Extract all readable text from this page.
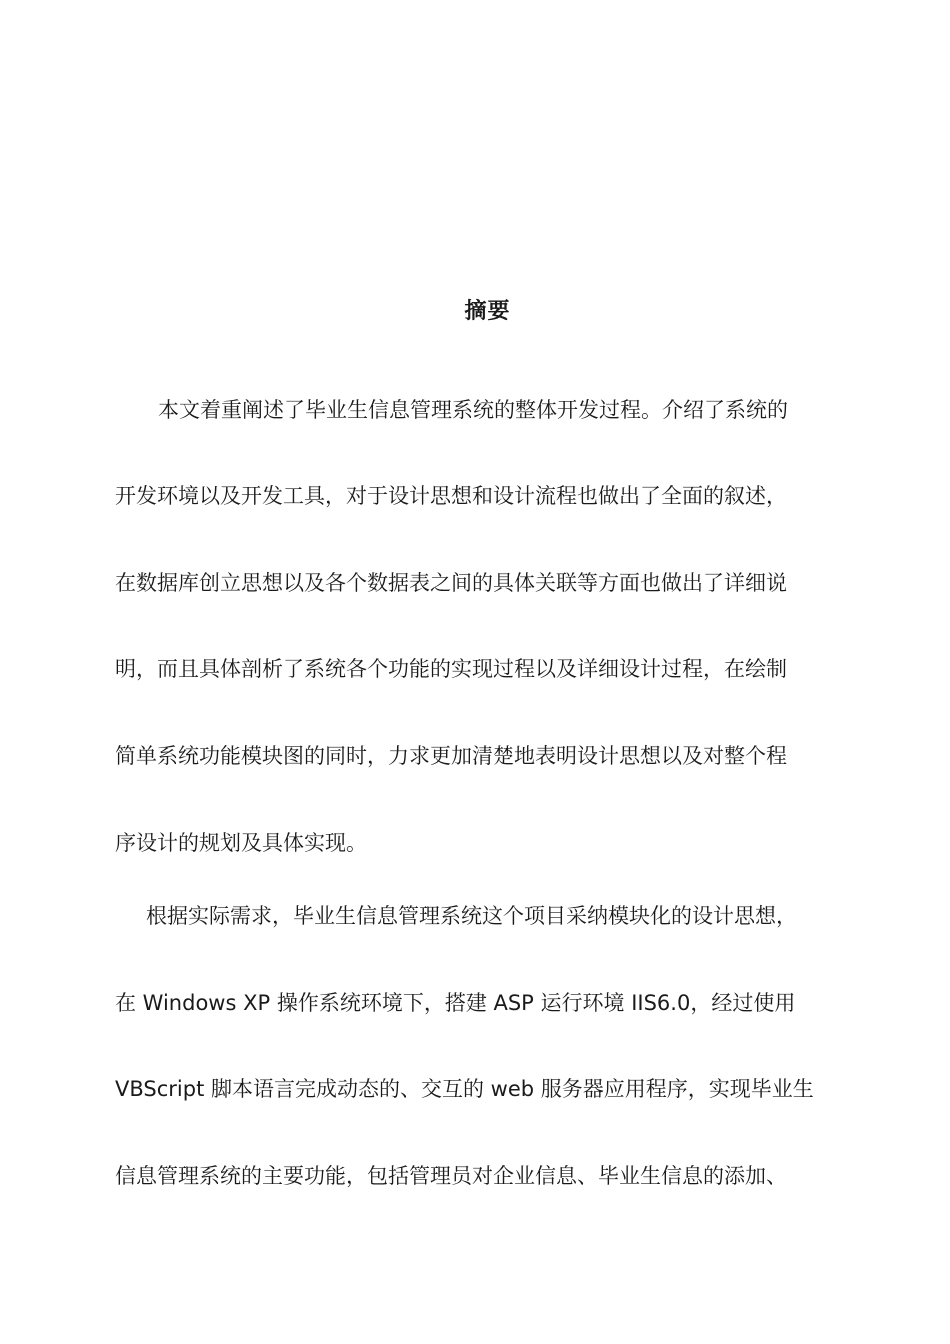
摘要

本文着重阐述了毕业生信息管理系统的整体开发过程。介绍了系统的

开发环境以及开发工具，对于设计思想和设计流程也做出了全面的叙述，

在数据库创立思想以及各个数据表之间的具体关联等方面也做出了详细说

明，而且具体剖析了系统各个功能的实现过程以及详细设计过程，在绘制

简单系统功能模块图的同时，力求更加清楚地表明设计思想以及对整个程

序设计的规划及具体实现。

根据实际需求，毕业生信息管理系统这个项目采纳模块化的设计思想，

在 Windows XP 操作系统环境下，搭建 ASP 运行环境 IIS6.0，经过使用

VBScript 脚本语言完成动态的、交互的 web 服务器应用程序，实现毕业生

信息管理系统的主要功能，包括管理员对企业信息、毕业生信息的添加、
